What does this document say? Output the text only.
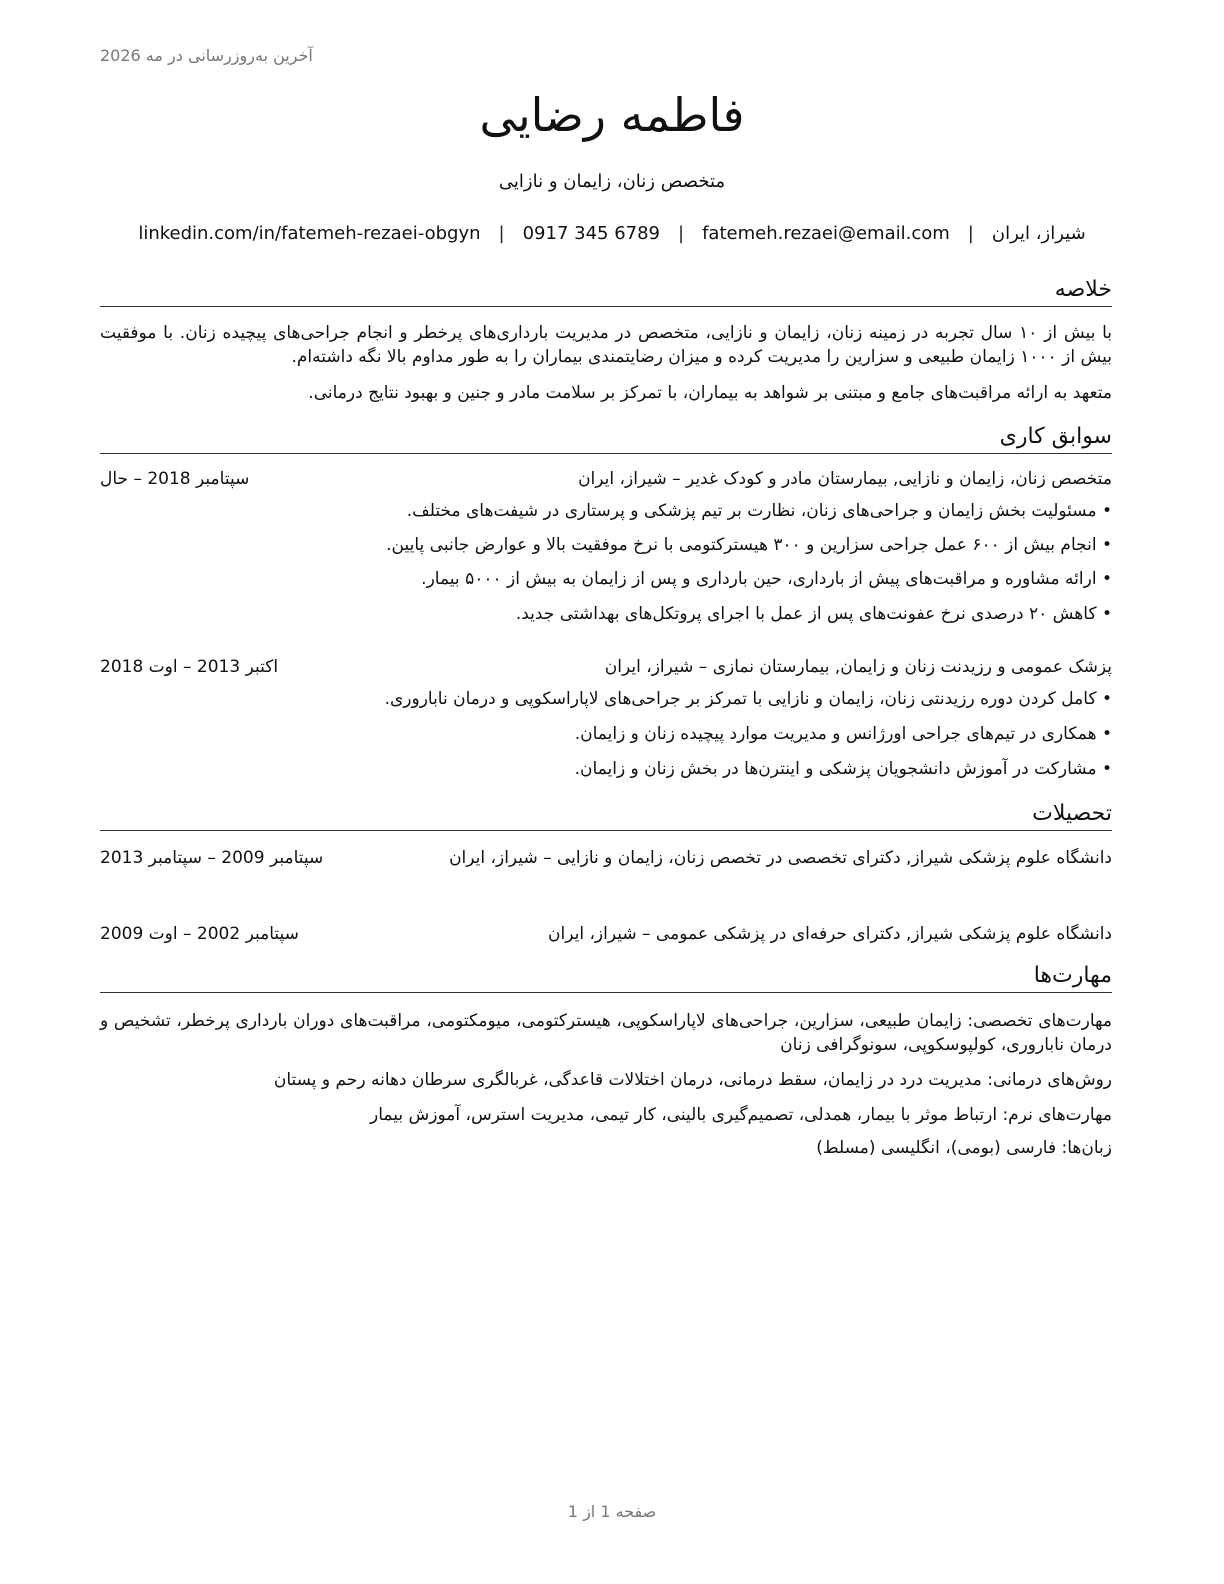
آخرین به‌روزرسانی در مه 2026
فاطمه رضایی
متخصص زنان، زایمان و نازایی
شیراز، ایران
|
fatemeh.rezaei@email.com
|
0917 345 6789
|
linkedin.com/in/fatemeh-rezaei-obgyn
خلاصه
با بیش از ۱۰ سال تجربه در زمینه زنان، زایمان و نازایی، متخصص در مدیریت بارداری‌های پرخطر و انجام جراحی‌های پیچیده زنان. با موفقیت بیش از ۱۰۰۰ زایمان طبیعی و سزارین را مدیریت کرده و میزان رضایتمندی بیماران را به طور مداوم بالا نگه داشته‌ام.
متعهد به ارائه مراقبت‌های جامع و مبتنی بر شواهد به بیماران، با تمرکز بر سلامت مادر و جنین و بهبود نتایج درمانی.
سوابق کاری
متخصص زنان، زایمان و نازایی, بیمارستان مادر و کودک غدیر – شیراز، ایران
سپتامبر 2018 – حال
• مسئولیت بخش زایمان و جراحی‌های زنان، نظارت بر تیم پزشکی و پرستاری در شیفت‌های مختلف.
• انجام بیش از ۶۰۰ عمل جراحی سزارین و ۳۰۰ هیسترکتومی با نرخ موفقیت بالا و عوارض جانبی پایین.
• ارائه مشاوره و مراقبت‌های پیش از بارداری، حین بارداری و پس از زایمان به بیش از ۵۰۰۰ بیمار.
• کاهش ۲۰ درصدی نرخ عفونت‌های پس از عمل با اجرای پروتکل‌های بهداشتی جدید.
پزشک عمومی و رزیدنت زنان و زایمان, بیمارستان نمازی – شیراز، ایران
اکتبر 2013 – اوت 2018
• کامل کردن دوره رزیدنتی زنان، زایمان و نازایی با تمرکز بر جراحی‌های لاپاراسکوپی و درمان ناباروری.
• همکاری در تیم‌های جراحی اورژانس و مدیریت موارد پیچیده زنان و زایمان.
• مشارکت در آموزش دانشجویان پزشکی و اینترن‌ها در بخش زنان و زایمان.
تحصیلات
دانشگاه علوم پزشکی شیراز, دکترای تخصصی در تخصص زنان، زایمان و نازایی – شیراز، ایران
سپتامبر 2009 – سپتامبر 2013
دانشگاه علوم پزشکی شیراز, دکترای حرفه‌ای در پزشکی عمومی – شیراز، ایران
سپتامبر 2002 – اوت 2009
مهارت‌ها
مهارت‌های تخصصی: زایمان طبیعی، سزارین، جراحی‌های لاپاراسکوپی، هیسترکتومی، میومکتومی، مراقبت‌های دوران بارداری پرخطر، تشخیص و درمان ناباروری، کولپوسکوپی، سونوگرافی زنان
روش‌های درمانی: مدیریت درد در زایمان، سقط درمانی، درمان اختلالات قاعدگی، غربالگری سرطان دهانه رحم و پستان
مهارت‌های نرم: ارتباط موثر با بیمار، همدلی، تصمیم‌گیری بالینی، کار تیمی، مدیریت استرس، آموزش بیمار
زبان‌ها: فارسی (بومی)، انگلیسی (مسلط)
صفحه 1 از 1
